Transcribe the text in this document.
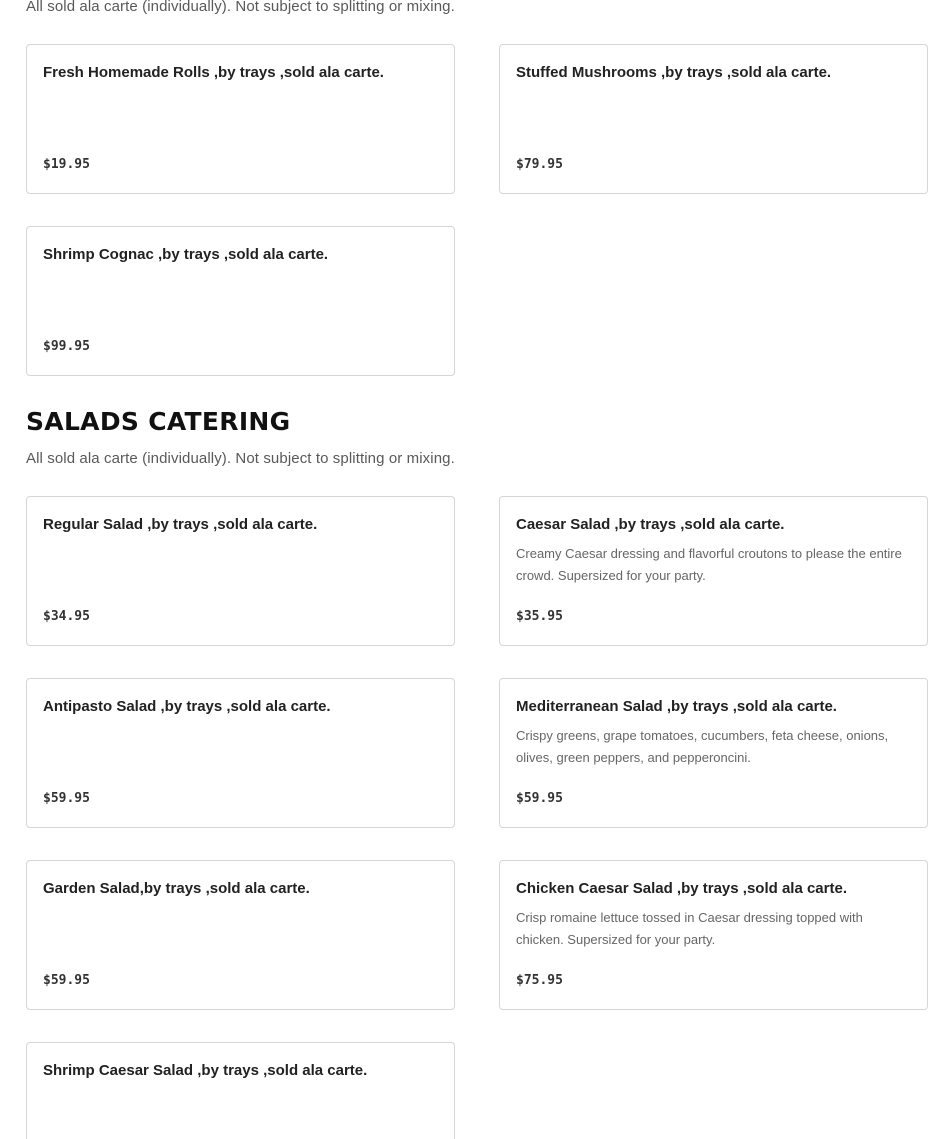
All sold ala carte (individually). Not subject to splitting or mixing.
Fresh Homemade Rolls ,by trays ,sold ala carte.
$19.95
Stuffed Mushrooms ,by trays ,sold ala carte.
$79.95
Shrimp Cognac ,by trays ,sold ala carte.
$99.95
SALADS CATERING
All sold ala carte (individually). Not subject to splitting or mixing.
Regular Salad ,by trays ,sold ala carte.
$34.95
Caesar Salad ,by trays ,sold ala carte.
Creamy Caesar dressing and flavorful croutons to please the entire crowd. Supersized for your party.
$35.95
Antipasto Salad ,by trays ,sold ala carte.
$59.95
Mediterranean Salad ,by trays ,sold ala carte.
Crispy greens, grape tomatoes, cucumbers, feta cheese, onions, olives, green peppers, and pepperoncini.
$59.95
Garden Salad,by trays ,sold ala carte.
$59.95
Chicken Caesar Salad ,by trays ,sold ala carte.
Crisp romaine lettuce tossed in Caesar dressing topped with chicken. Supersized for your party.
$75.95
Shrimp Caesar Salad ,by trays ,sold ala carte.
